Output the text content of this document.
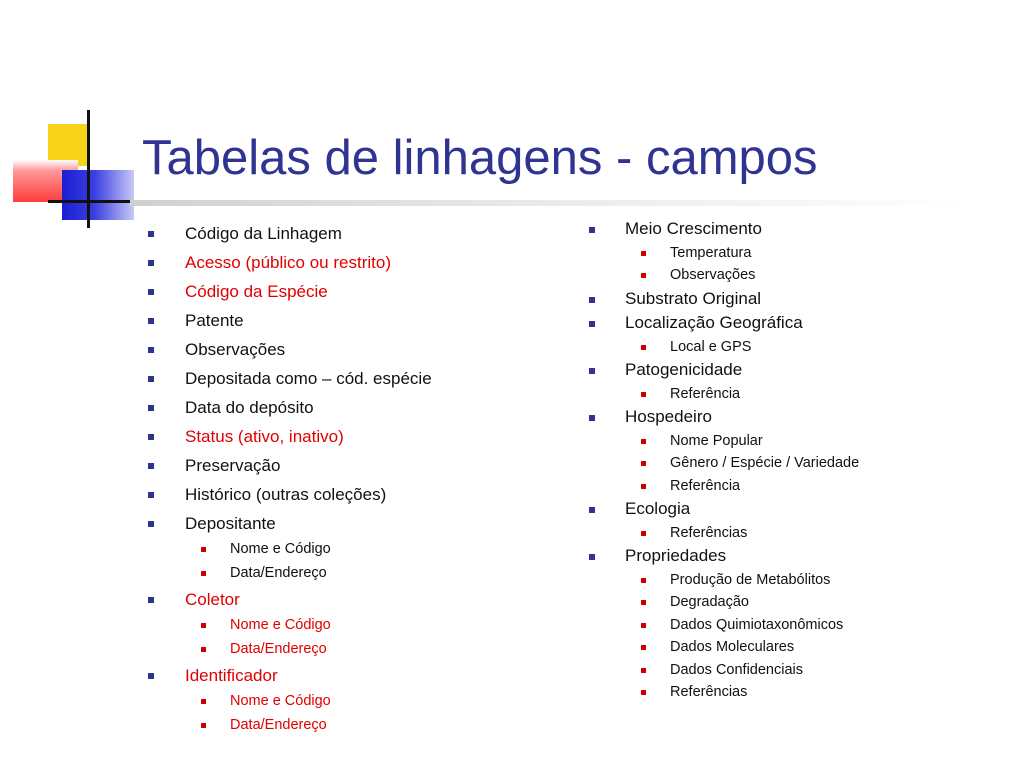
Tabelas de linhagens - campos
Código da Linhagem
Acesso (público ou restrito)
Código da Espécie
Patente
Observações
Depositada como – cód. espécie
Data do depósito
Status (ativo, inativo)
Preservação
Histórico (outras coleções)
Depositante
Nome e Código
Data/Endereço
Coletor
Nome e Código
Data/Endereço
Identificador
Nome e Código
Data/Endereço
Meio Crescimento
Temperatura
Observações
Substrato Original
Localização Geográfica
Local e GPS
Patogenicidade
Referência
Hospedeiro
Nome Popular
Gênero / Espécie / Variedade
Referência
Ecologia
Referências
Propriedades
Produção de Metabólitos
Degradação
Dados Quimiotaxonômicos
Dados Moleculares
Dados Confidenciais
Referências
